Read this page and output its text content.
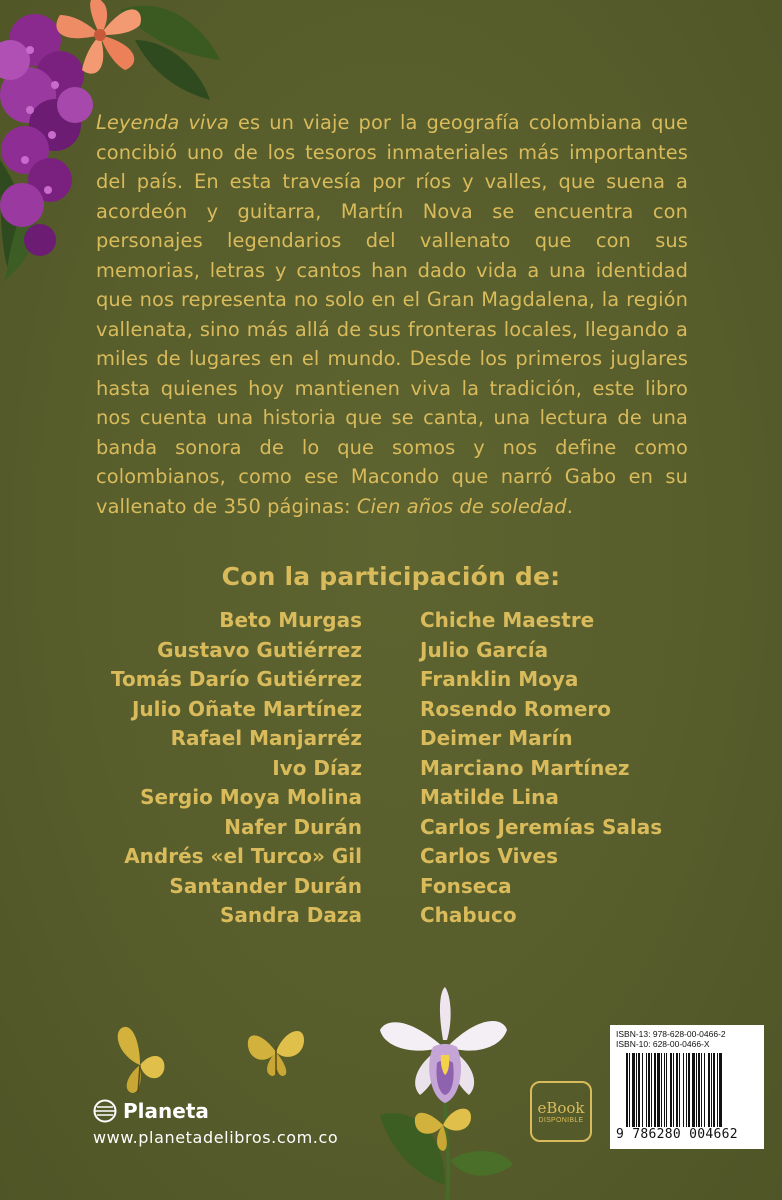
Leyenda viva es un viaje por la geografía colombiana que concibió uno de los tesoros inmateriales más importantes del país. En esta travesía por ríos y valles, que suena a acordeón y guitarra, Martín Nova se encuentra con personajes legendarios del vallenato que con sus memorias, letras y cantos han dado vida a una identidad que nos representa no solo en el Gran Magdalena, la región vallenata, sino más allá de sus fronteras locales, llegando a miles de lugares en el mundo. Desde los primeros juglares hasta quienes hoy mantienen viva la tradición, este libro nos cuenta una historia que se canta, una lectura de una banda sonora de lo que somos y nos define como colombianos, como ese Macondo que narró Gabo en su vallenato de 350 páginas: Cien años de soledad.

Con la participación de:
Beto Murgas
Gustavo Gutiérrez
Tomás Darío Gutiérrez
Julio Oñate Martínez
Rafael Manjarréz
Ivo Díaz
Sergio Moya Molina
Nafer Durán
Andrés «el Turco» Gil
Santander Durán
Sandra Daza
Chiche Maestre
Julio García
Franklin Moya
Rosendo Romero
Deimer Marín
Marciano Martínez
Matilde Lina
Carlos Jeremías Salas
Carlos Vives
Fonseca
Chabuco
Planeta
www.planetadelibros.com.co
eBook
DISPONIBLE
ISBN-13: 978-628-00-0466-2
ISBN-10: 628-00-0466-X
9 786280 004662
